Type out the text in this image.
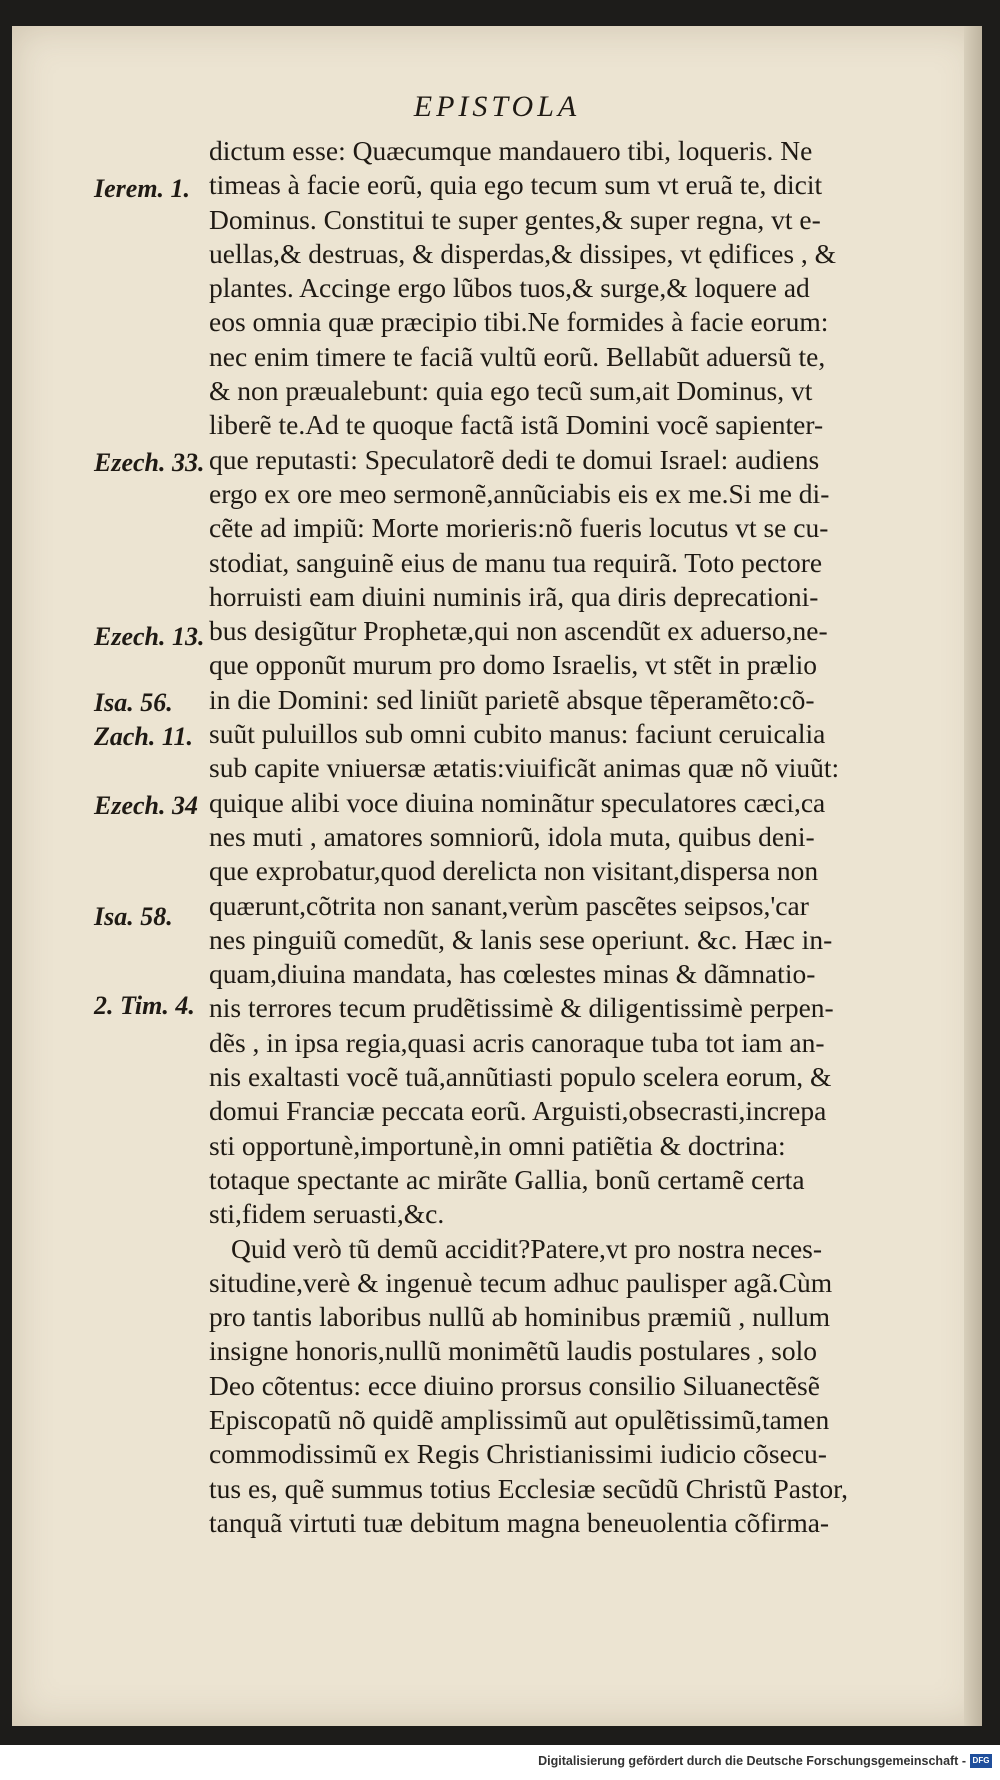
EPISTOLA
Ierem. 1.
Ezech. 33.
Ezech. 13.
Isa. 56.
Zach. 11.
Ezech. 34
Isa. 58.
2. Tim. 4.
dictum esse: Quæcumque mandauero tibi, loqueris. Ne
timeas à facie eorũ, quia ego tecum sum vt eruã te, dicit
Dominus. Constitui te super gentes,& super regna, vt e-
uellas,& destruas, & disperdas,& dissipes, vt ędifices , &
plantes. Accinge ergo lũbos tuos,& surge,& loquere ad
eos omnia quæ præcipio tibi.Ne formides à facie eorum:
nec enim timere te faciã vultũ eorũ. Bellabũt aduersũ te,
& non præualebunt: quia ego tecũ sum,ait Dominus, vt
liberẽ te.Ad te quoque factã istã Domini vocẽ sapienter-
que reputasti: Speculatorẽ dedi te domui Israel: audiens
ergo ex ore meo sermonẽ,annũciabis eis ex me.Si me di-
cẽte ad impiũ: Morte morieris:nõ fueris locutus vt se cu-
stodiat, sanguinẽ eius de manu tua requirã. Toto pectore
horruisti eam diuini numinis irã, qua diris deprecationi-
bus desigũtur Prophetæ,qui non ascendũt ex aduerso,ne-
que opponũt murum pro domo Israelis, vt stẽt in prælio
in die Domini: sed liniũt parietẽ absque tẽperamẽto:cõ-
suũt puluillos sub omni cubito manus: faciunt ceruicalia
sub capite vniuersæ ætatis:viuificãt animas quæ nõ viuũt:
quique alibi voce diuina nominãtur speculatores cæci,ca
nes muti , amatores somniorũ, idola muta, quibus deni-
que exprobatur,quod derelicta non visitant,dispersa non
quærunt,cõtrita non sanant,verùm pascẽtes seipsos,'car
nes pinguiũ comedũt, & lanis sese operiunt. &c. Hæc in-
quam,diuina mandata, has cœlestes minas & dãmnatio-
nis terrores tecum prudẽtissimè & diligentissimè perpen-
dẽs , in ipsa regia,quasi acris canoraque tuba tot iam an-
nis exaltasti vocẽ tuã,annũtiasti populo scelera eorum, &
domui Franciæ peccata eorũ. Arguisti,obsecrasti,increpa
sti opportunè,importunè,in omni patiẽtia & doctrina:
totaque spectante ac mirãte Gallia, bonũ certamẽ certa
sti,fidem seruasti,&c.
Quid verò tũ demũ accidit?Patere,vt pro nostra neces-
situdine,verè & ingenuè tecum adhuc paulisper agã.Cùm
pro tantis laboribus nullũ ab hominibus præmiũ , nullum
insigne honoris,nullũ monimẽtũ laudis postulares , solo
Deo cõtentus: ecce diuino prorsus consilio Siluanectẽsẽ
Episcopatũ nõ quidẽ amplissimũ aut opulẽtissimũ,tamen
commodissimũ ex Regis Christianissimi iudicio cõsecu-
tus es, quẽ summus totius Ecclesiæ secũdũ Christũ Pastor,
tanquã virtuti tuæ debitum magna beneuolentia cõfirma-
Digitalisierung gefördert durch die Deutsche Forschungsgemeinschaft - DFG
